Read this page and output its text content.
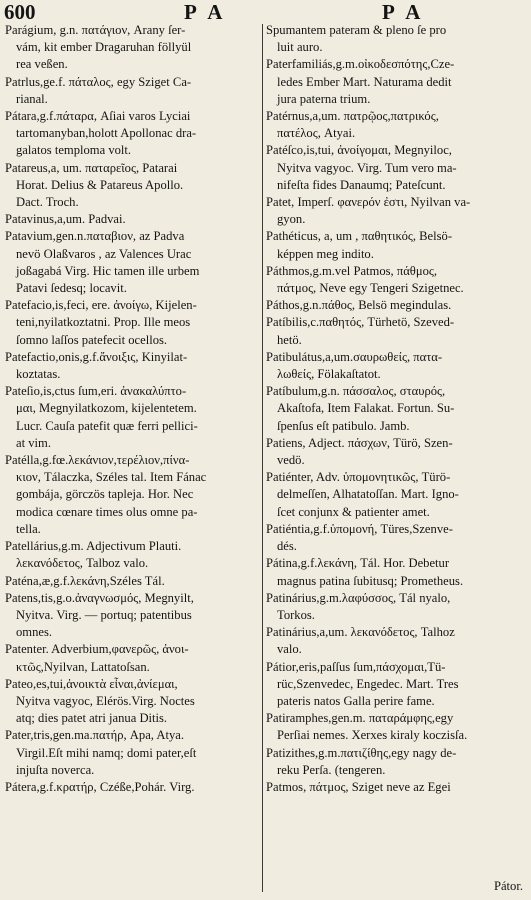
600	PA	PA
Parágium, g.n. πατάγιον, Arany ſer-
vám, kit ember Dragaruhan föllyül
rea veßen.
Patrlus,ge.f. πάταλος, egy Sziget Ca-
rianal.
Pátara,g.f.πάταρα, Aſiai varos Lyciai
tartomanyban,holott Apollonac dra-
galatos temploma volt.
Patareus,a, um. παταρεῖος, Patarai
Horat. Delius & Patareus Apollo.
Dact. Troch.
Patavinus,a,um. Padvai.
Patavium,gen.n.παταβιον, az Padva
nevö Olaßvaros , az Valences Urac
joßagabá Virg. Hic tamen ille urbem
Patavi ſedesq; locavit.
Patefacio,is,feci, ere. ἀνοίγω, Kijelen-
teni,nyilatkoztatni. Prop. Ille meos
ſomno laſſos patefecit ocellos.
Patefactio,onis,g.f.ἄνοιξις, Kinyilat-
koztatas.
Pateſio,is,ctus ſum,eri. ἀνακαλύπτο-
μαι, Megnyilatkozom, kijelentetem.
Lucr. Cauſa patefit quæ ferri pellici-
at vim.
Patélla,g.fœ.λεκάνιον,τερέλιον,πίνα-
κιον, Tálaczka, Széles tal. Item Fánac
gombája, görczös tapleja. Hor. Nec
modica cœnare times olus omne pa-
tella.
Patellárius,g.m. Adjectivum Plauti.
λεκανόδετος, Talboz valo.
Paténa,æ,g.f.λεκάνη,Széles Tál.
Patens,tis,g.o.ἀναγνωσμός, Megnyilt,
Nyitva. Virg. — portuq; patentibus
omnes.
Patenter. Adverbium,φανερῶς, ἀνοι-
κτῶς,Nyilvan, Lattatoſsan.
Pateo,es,tui,ἀνοικτὰ εἶναι,ἀνίεμαι,
Nyitva vagyoc, Elérös.Virg. Noctes
atq; dies patet atri janua Ditis.
Pater,tris,gen.ma.πατήρ, Apa, Atya.
Virgil.Eſt mihi namq; domi pater,eſt
injuſta noverca.
Pátera,g.f.κρατήρ, Czéße,Pohár. Virg.
Spumantem pateram & pleno ſe pro
luit auro.
Paterfamiliás,g.m.οἰκοδεσπότης,Cze-
ledes Ember Mart. Naturama dedit
jura paterna trium.
Patérnus,a,um. πατρῷος,πατρικός,
πατέλος, Atyai.
Patéſco,is,tui, ἀνοίγομαι, Megnyiloc,
Nyitva vagyoc. Virg. Tum vero ma-
nifeſta fides Danaumq; Pateſcunt.
Patet, Imperſ. φανερόν ἐστι, Nyilvan va-
gyon.
Pathéticus, a, um , παθητικός, Belsö-
képpen meg indito.
Páthmos,g.m.vel Patmos, πάθμος,
πάτμος, Neve egy Tengeri Szigetnec.
Páthos,g.n.πάθος, Belsö megindulas.
Patíbilis,c.παθητός, Türhetö, Szeved-
hetö.
Patibulátus,a,um.σαυρωθείς, πατα-
λωθείς, Fölakaſtatot.
Patíbulum,g.n. πάσσαλος, σταυρός,
Akaſtofa, Item Falakat. Fortun. Su-
ſpenſus eſt patibulo. Jamb.
Patiens, Adject. πάσχων, Türö, Szen-
vedö.
Patiénter, Adv. ὑπομονητικῶς, Türö-
delmeſſen, Alhatatoſſan. Mart. Igno-
ſcet conjunx & patienter amet.
Patiéntia,g.f.ὑπομονή, Türes,Szenve-
dés.
Pátina,g.f.λεκάνη, Tál. Hor. Debetur
magnus patina ſubitusq; Prometheus.
Patinárius,g.m.λαφύσσος, Tál nyalo,
Torkos.
Patinárius,a,um. λεκανόδετος, Talhoz
valo.
Pátior,eris,paſſus ſum,πάσχομαι,Tü-
rüc,Szenvedec, Engedec. Mart. Tres
pateris natos Galla perire fame.
Patiramphes,gen.m. παταράμφης,egy
Perſiai nemes. Xerxes kiraly koczisſa.
Patizithes,g.m.πατιζίθης,egy nagy de-
reku Perſa. (tengeren.
Patmos, πάτμος, Sziget neve az Egei
Pátor.
